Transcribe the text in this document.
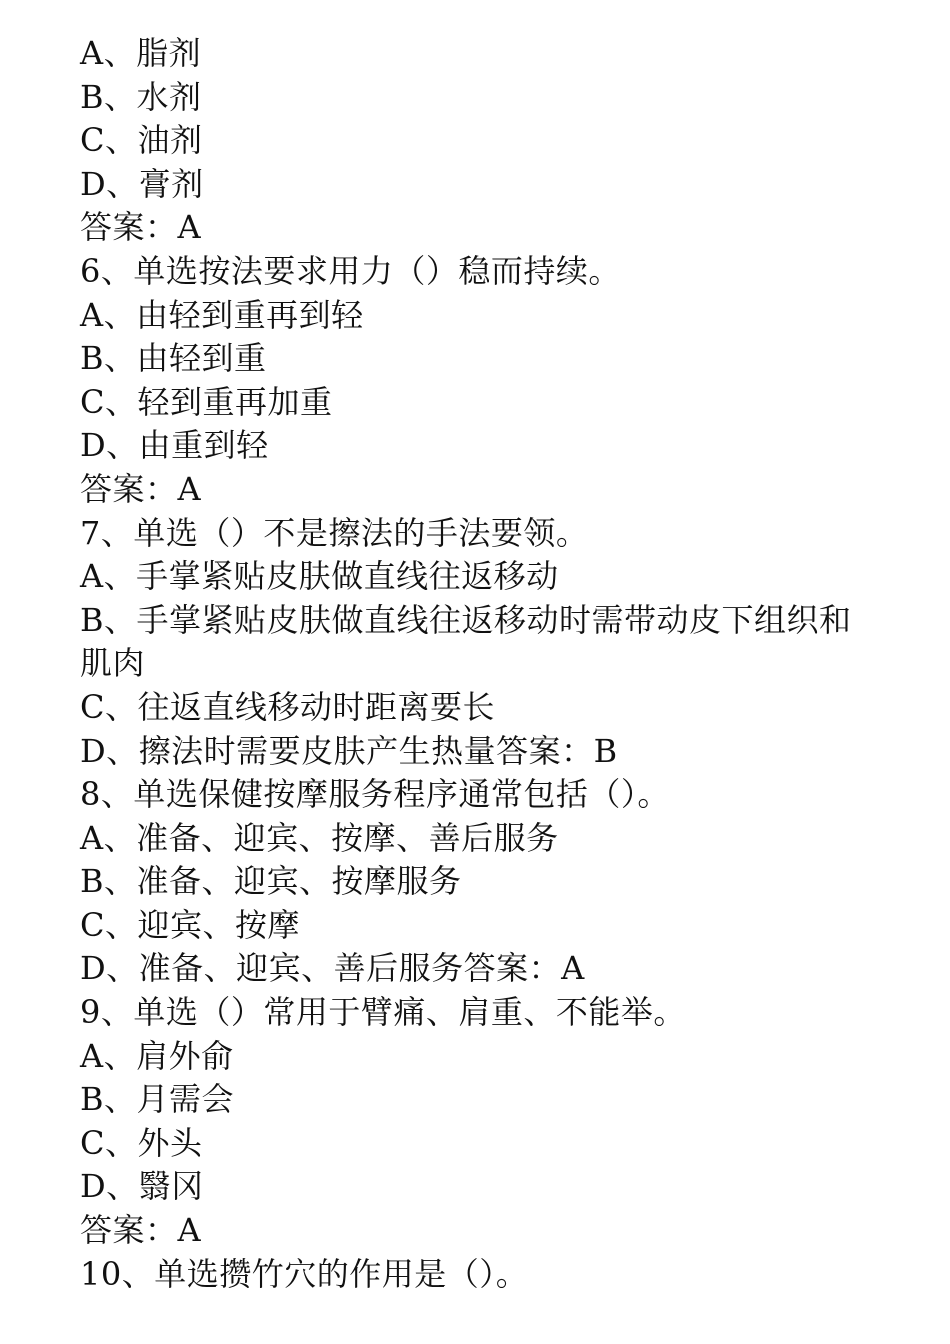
A、脂剂
B、水剂
C、油剂
D、膏剂
答案：A
6、单选按法要求用力（）稳而持续。
A、由轻到重再到轻
B、由轻到重
C、轻到重再加重
D、由重到轻
答案：A
7、单选（）不是擦法的手法要领。
A、手掌紧贴皮肤做直线往返移动
B、手掌紧贴皮肤做直线往返移动时需带动皮下组织和
肌肉
C、往返直线移动时距离要长
D、擦法时需要皮肤产生热量答案：B
8、单选保健按摩服务程序通常包括（）。
A、准备、迎宾、按摩、善后服务
B、准备、迎宾、按摩服务
C、迎宾、按摩
D、准备、迎宾、善后服务答案：A
9、单选（）常用于臂痛、肩重、不能举。
A、肩外俞
B、月需会
C、外头
D、翳冈
答案：A
10、单选攒竹穴的作用是（）。
